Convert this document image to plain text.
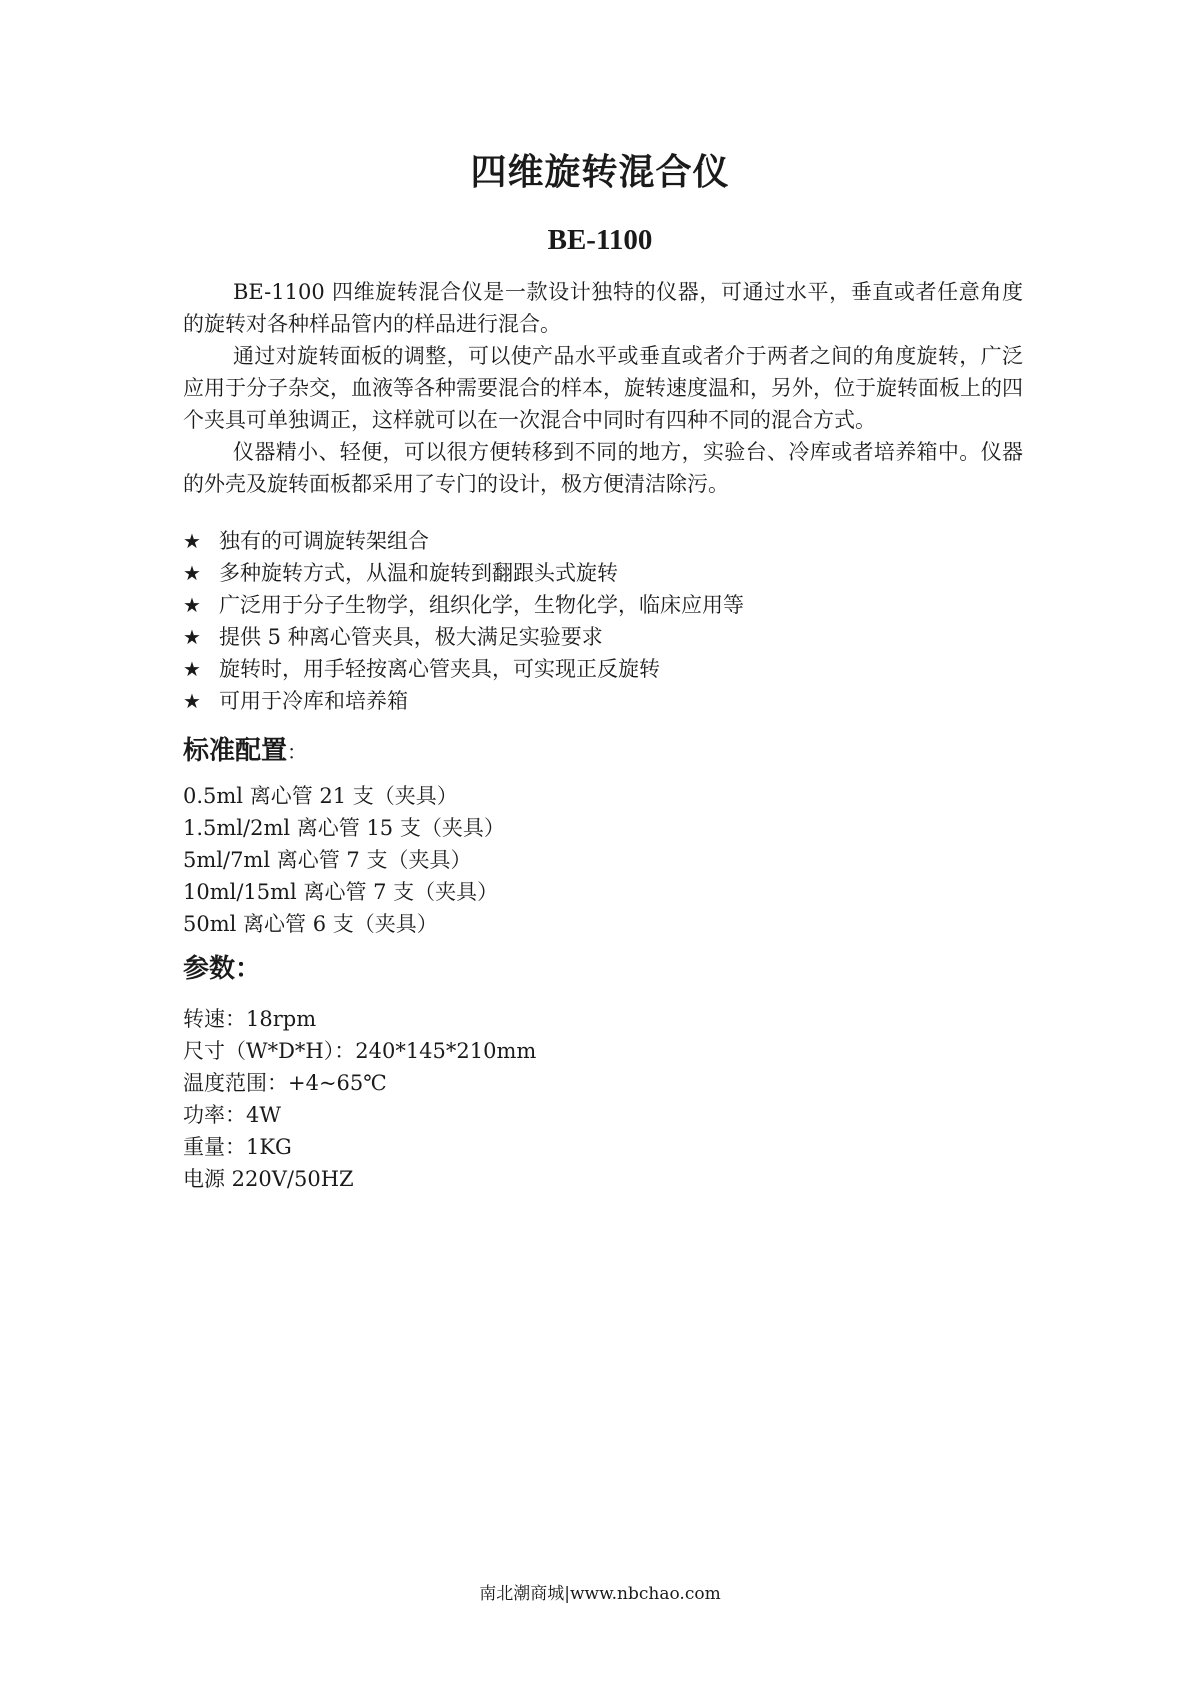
四维旋转混合仪
BE-1100

BE-1100 四维旋转混合仪是一款设计独特的仪器，可通过水平，垂直或者任意角度的旋转对各种样品管内的样品进行混合。

通过对旋转面板的调整，可以使产品水平或垂直或者介于两者之间的角度旋转，广泛应用于分子杂交，血液等各种需要混合的样本，旋转速度温和，另外，位于旋转面板上的四个夹具可单独调正，这样就可以在一次混合中同时有四种不同的混合方式。

仪器精小、轻便，可以很方便转移到不同的地方，实验台、冷库或者培养箱中。仪器的外壳及旋转面板都采用了专门的设计，极方便清洁除污。

★ 独有的可调旋转架组合
★ 多种旋转方式，从温和旋转到翻跟头式旋转
★ 广泛用于分子生物学，组织化学，生物化学，临床应用等
★ 提供 5 种离心管夹具，极大满足实验要求
★ 旋转时，用手轻按离心管夹具，可实现正反旋转
★ 可用于冷库和培养箱
标准配置：
0.5ml 离心管 21 支（夹具）
1.5ml/2ml 离心管 15 支（夹具）
5ml/7ml 离心管 7 支（夹具）
10ml/15ml 离心管 7 支（夹具）
50ml 离心管 6 支（夹具）
参数：
转速：18rpm
尺寸（W*D*H）：240*145*210mm
温度范围：+4~65℃
功率：4W
重量：1KG
电源 220V/50HZ
南北潮商城|www.nbchao.com
